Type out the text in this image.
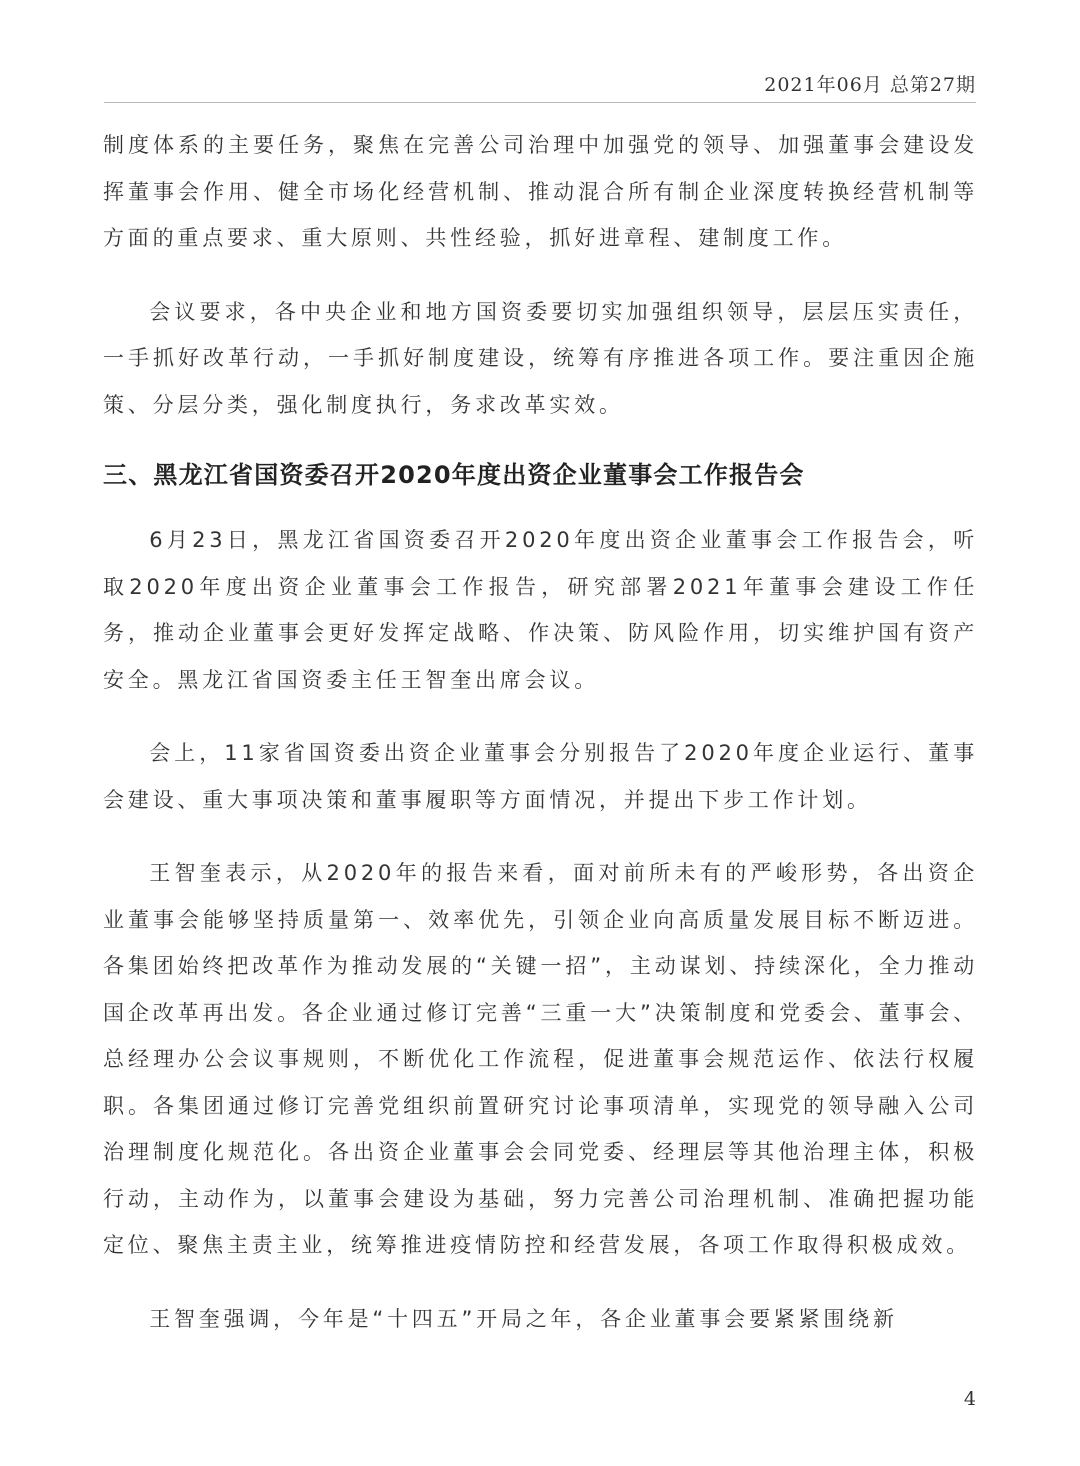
2021年06月 总第27期

制度体系的主要任务，聚焦在完善公司治理中加强党的领导、加强董事会建设发挥董事会作用、健全市场化经营机制、推动混合所有制企业深度转换经营机制等方面的重点要求、重大原则、共性经验，抓好进章程、建制度工作。

会议要求，各中央企业和地方国资委要切实加强组织领导，层层压实责任，一手抓好改革行动，一手抓好制度建设，统筹有序推进各项工作。要注重因企施策、分层分类，强化制度执行，务求改革实效。

三、黑龙江省国资委召开2020年度出资企业董事会工作报告会

6月23日，黑龙江省国资委召开2020年度出资企业董事会工作报告会，听取2020年度出资企业董事会工作报告，研究部署2021年董事会建设工作任务，推动企业董事会更好发挥定战略、作决策、防风险作用，切实维护国有资产安全。黑龙江省国资委主任王智奎出席会议。

会上，11家省国资委出资企业董事会分别报告了2020年度企业运行、董事会建设、重大事项决策和董事履职等方面情况，并提出下步工作计划。

王智奎表示，从2020年的报告来看，面对前所未有的严峻形势，各出资企业董事会能够坚持质量第一、效率优先，引领企业向高质量发展目标不断迈进。各集团始终把改革作为推动发展的“关键一招”，主动谋划、持续深化，全力推动国企改革再出发。各企业通过修订完善“三重一大”决策制度和党委会、董事会、总经理办公会议事规则，不断优化工作流程，促进董事会规范运作、依法行权履职。各集团通过修订完善党组织前置研究讨论事项清单，实现党的领导融入公司治理制度化规范化。各出资企业董事会会同党委、经理层等其他治理主体，积极行动，主动作为，以董事会建设为基础，努力完善公司治理机制、准确把握功能定位、聚焦主责主业，统筹推进疫情防控和经营发展，各项工作取得积极成效。

王智奎强调，今年是“十四五”开局之年，各企业董事会要紧紧围绕新

4
